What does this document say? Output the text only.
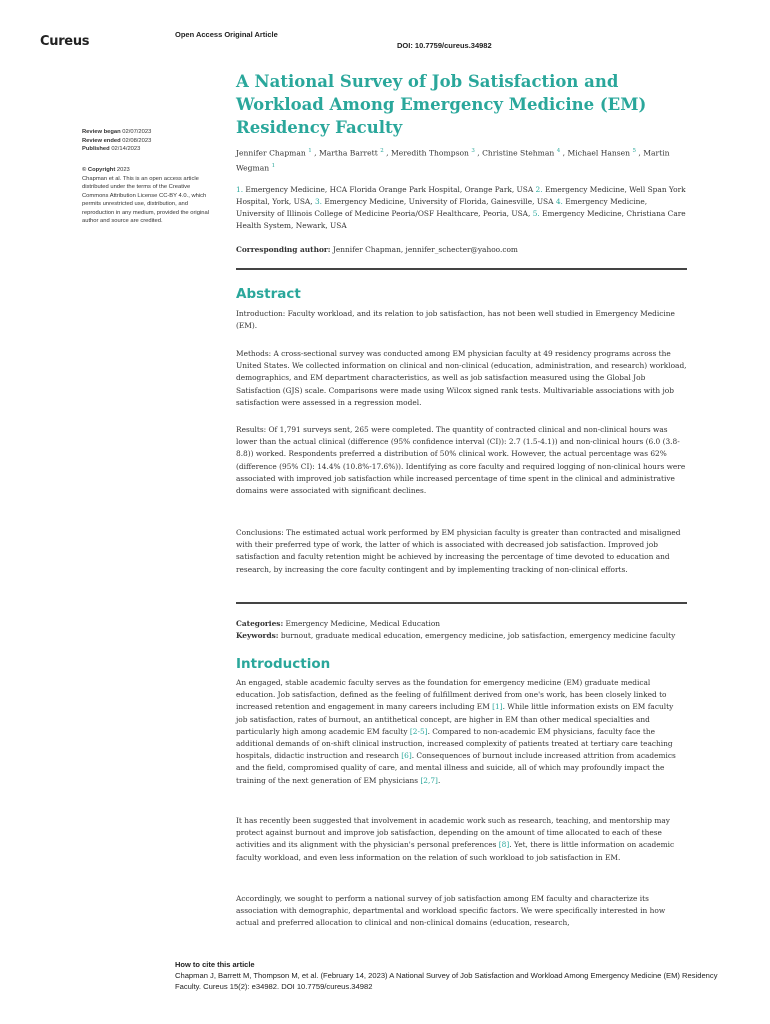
Cureus	Open Access Original Article
DOI: 10.7759/cureus.34982
A National Survey of Job Satisfaction and Workload Among Emergency Medicine (EM) Residency Faculty
Review began 02/07/2023
Review ended 02/08/2023
Published 02/14/2023
© Copyright 2023
Chapman et al. This is an open access article distributed under the terms of the Creative Commons Attribution License CC-BY 4.0., which permits unrestricted use, distribution, and reproduction in any medium, provided the original author and source are credited.
Jennifer Chapman $^1$ , Martha Barrett $^2$ , Meredith Thompson $^3$ , Christine Stehman $^4$ , Michael Hansen $^5$ , Martin Wegman $^1$
1. Emergency Medicine, HCA Florida Orange Park Hospital, Orange Park, USA 2. Emergency Medicine, Well Span York Hospital, York, USA, 3. Emergency Medicine, University of Florida, Gainesville, USA 4. Emergency Medicine, University of Illinois College of Medicine Peoria/OSF Healthcare, Peoria, USA, 5. Emergency Medicine, Christiana Care Health System, Newark, USA
Corresponding author: Jennifer Chapman, jennifer_schecter@yahoo.com
Abstract

Introduction: Faculty workload, and its relation to job satisfaction, has not been well studied in Emergency Medicine (EM).

Methods: A cross-sectional survey was conducted among EM physician faculty at 49 residency programs across the United States. We collected information on clinical and non-clinical (education, administration, and research) workload, demographics, and EM department characteristics, as well as job satisfaction measured using the Global Job Satisfaction (GJS) scale. Comparisons were made using Wilcox signed rank tests. Multivariable associations with job satisfaction were assessed in a regression model.

Results: Of 1,791 surveys sent, 265 were completed. The quantity of contracted clinical and non-clinical hours was lower than the actual clinical (difference (95% confidence interval (CI)): 2.7 (1.5-4.1)) and non-clinical hours (6.0 (3.8-8.8)) worked. Respondents preferred a distribution of 50% clinical work. However, the actual percentage was 62% (difference (95% CI): 14.4% (10.8%-17.6%)). Identifying as core faculty and required logging of non-clinical hours were associated with improved job satisfaction while increased percentage of time spent in the clinical and administrative domains were associated with significant declines.

Conclusions: The estimated actual work performed by EM physician faculty is greater than contracted and misaligned with their preferred type of work, the latter of which is associated with decreased job satisfaction. Improved job satisfaction and faculty retention might be achieved by increasing the percentage of time devoted to education and research, by increasing the core faculty contingent and by implementing tracking of non-clinical efforts.

Categories: Emergency Medicine, Medical Education

Keywords: burnout, graduate medical education, emergency medicine, job satisfaction, emergency medicine faculty

Introduction

An engaged, stable academic faculty serves as the foundation for emergency medicine (EM) graduate medical education. Job satisfaction, defined as the feeling of fulfillment derived from one's work, has been closely linked to increased retention and engagement in many careers including EM [1]. While little information exists on EM faculty job satisfaction, rates of burnout, an antithetical concept, are higher in EM than other medical specialties and particularly high among academic EM faculty [2-5]. Compared to non-academic EM physicians, faculty face the additional demands of on-shift clinical instruction, increased complexity of patients treated at tertiary care teaching hospitals, didactic instruction and research [6]. Consequences of burnout include increased attrition from academics and the field, compromised quality of care, and mental illness and suicide, all of which may profoundly impact the training of the next generation of EM physicians [2,7].

It has recently been suggested that involvement in academic work such as research, teaching, and mentorship may protect against burnout and improve job satisfaction, depending on the amount of time allocated to each of these activities and its alignment with the physician's personal preferences [8]. Yet, there is little information on academic faculty workload, and even less information on the relation of such workload to job satisfaction in EM.

Accordingly, we sought to perform a national survey of job satisfaction among EM faculty and characterize its association with demographic, departmental and workload specific factors. We were specifically interested in how actual and preferred allocation to clinical and non-clinical domains (education, research,

How to cite this article
Chapman J, Barrett M, Thompson M, et al. (February 14, 2023) A National Survey of Job Satisfaction and Workload Among Emergency Medicine (EM) Residency Faculty. Cureus 15(2): e34982. DOI 10.7759/cureus.34982
